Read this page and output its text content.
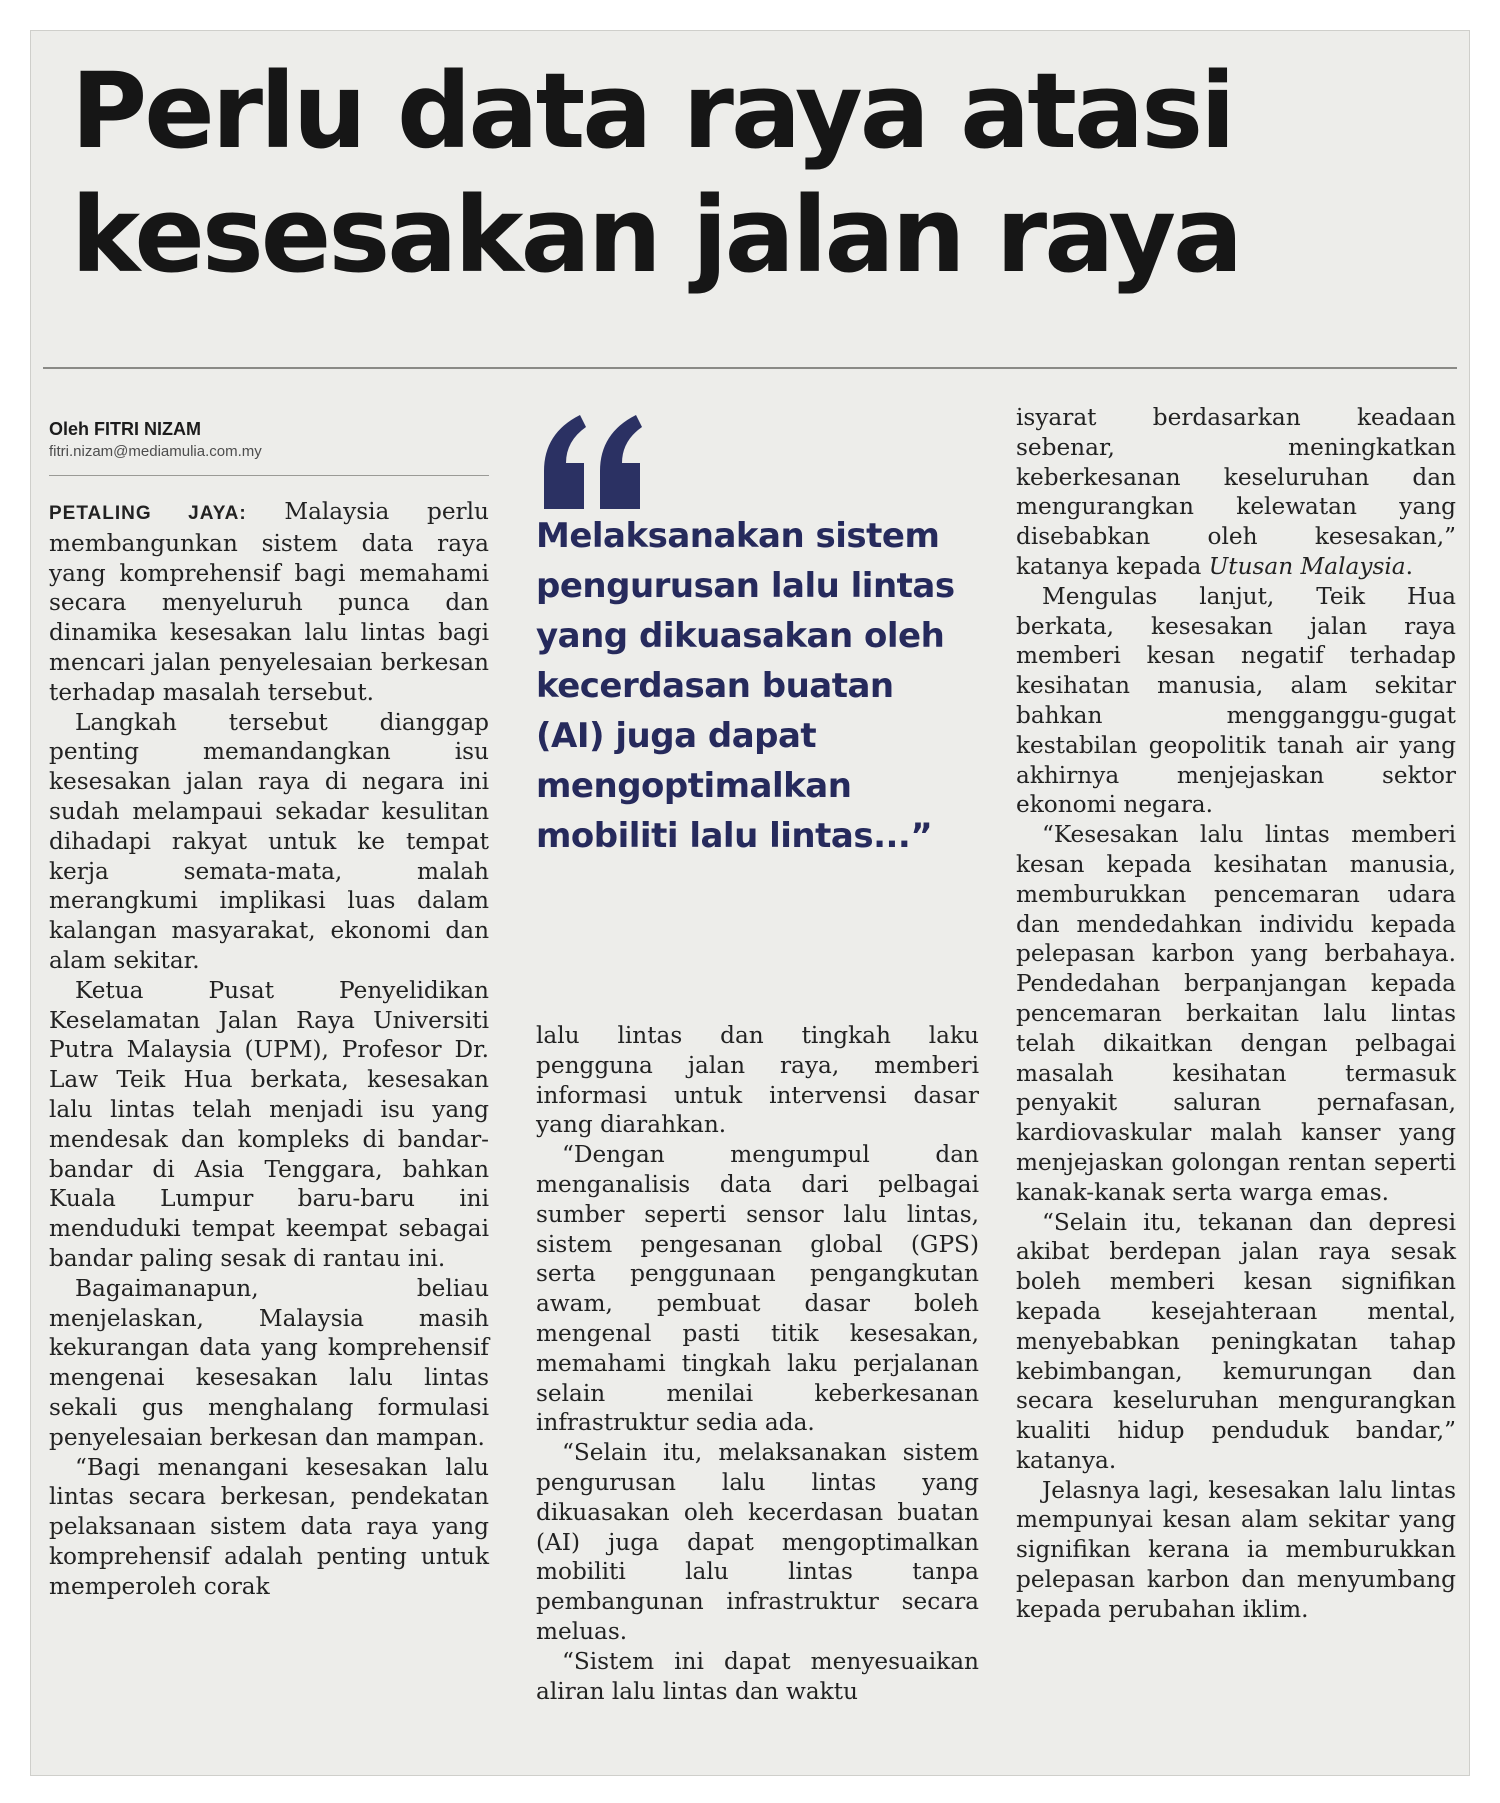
Perlu data raya atasi
kesesakan jalan raya
Oleh FITRI NIZAM
fitri.nizam@mediamulia.com.my

PETALING JAYA: Malaysia perlu membangunkan sistem data raya yang komprehensif bagi memahami secara menyeluruh punca dan dinamika kesesakan lalu lintas bagi mencari jalan penyelesaian berkesan terhadap masalah tersebut.

Langkah tersebut dianggap penting memandangkan isu kesesakan jalan raya di negara ini sudah melampaui sekadar kesulitan dihadapi rakyat untuk ke tempat kerja semata-mata, malah merangkumi implikasi luas dalam kalangan masyarakat, ekonomi dan alam sekitar.

Ketua Pusat Penyelidikan Keselamatan Jalan Raya Universiti Putra Malaysia (UPM), Profesor Dr. Law Teik Hua berkata, kesesakan lalu lintas telah menjadi isu yang mendesak dan kompleks di bandar-bandar di Asia Tenggara, bahkan Kuala Lumpur baru-baru ini menduduki tempat keempat sebagai bandar paling sesak di rantau ini.

Bagaimanapun, beliau menjelaskan, Malaysia masih kekurangan data yang komprehensif mengenai kesesakan lalu lintas sekali gus menghalang formulasi penyelesaian berkesan dan mampan.

“Bagi menangani kesesakan lalu lintas secara berkesan, pendekatan pelaksanaan sistem data raya yang komprehensif adalah penting untuk memperoleh corak

Melaksanakan sistem pengurusan lalu lintas yang dikuasakan oleh kecerdasan buatan (AI) juga dapat mengoptimalkan mobiliti lalu lintas...”

lalu lintas dan tingkah laku pengguna jalan raya, memberi informasi untuk intervensi dasar yang diarahkan.

“Dengan mengumpul dan menganalisis data dari pelbagai sumber seperti sensor lalu lintas, sistem pengesanan global (GPS) serta penggunaan pengangkutan awam, pembuat dasar boleh mengenal pasti titik kesesakan, memahami tingkah laku perjalanan selain menilai keberkesanan infrastruktur sedia ada.

“Selain itu, melaksanakan sistem pengurusan lalu lintas yang dikuasakan oleh kecerdasan buatan (AI) juga dapat mengoptimalkan mobiliti lalu lintas tanpa pembangunan infrastruktur secara meluas.

“Sistem ini dapat menyesuaikan aliran lalu lintas dan waktu

isyarat berdasarkan keadaan sebenar, meningkatkan keberkesanan keseluruhan dan mengurangkan kelewatan yang disebabkan oleh kesesakan,” katanya kepada Utusan Malaysia.

Mengulas lanjut, Teik Hua berkata, kesesakan jalan raya memberi kesan negatif terhadap kesihatan manusia, alam sekitar bahkan mengganggu-gugat kestabilan geopolitik tanah air yang akhirnya menjejaskan sektor ekonomi negara.

“Kesesakan lalu lintas memberi kesan kepada kesihatan manusia, memburukkan pencemaran udara dan mendedahkan individu kepada pelepasan karbon yang berbahaya. Pendedahan berpanjangan kepada pencemaran berkaitan lalu lintas telah dikaitkan dengan pelbagai masalah kesihatan termasuk penyakit saluran pernafasan, kardiovaskular malah kanser yang menjejaskan golongan rentan seperti kanak-kanak serta warga emas.

“Selain itu, tekanan dan depresi akibat berdepan jalan raya sesak boleh memberi kesan signifikan kepada kesejahteraan mental, menyebabkan peningkatan tahap kebimbangan, kemurungan dan secara keseluruhan mengurangkan kualiti hidup penduduk bandar,” katanya.

Jelasnya lagi, kesesakan lalu lintas mempunyai kesan alam sekitar yang signifikan kerana ia memburukkan pelepasan karbon dan menyumbang kepada perubahan iklim.
